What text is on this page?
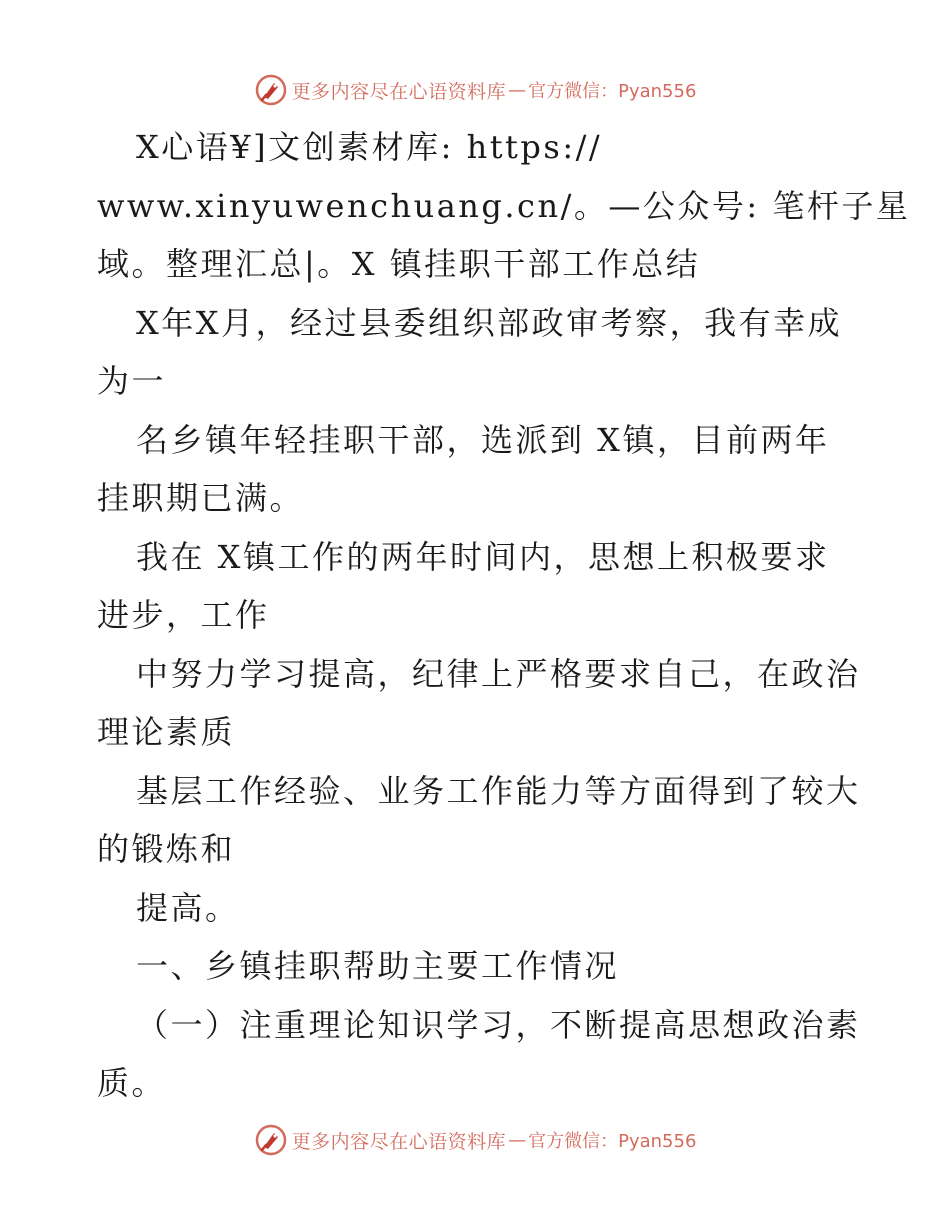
更多内容尽在心语资料库 — 官方微信：Pyan556
X心语¥]文创素材库: https://
www.xinyuwenchuang.cn/。—公众号: 笔杆子星
域。整理汇总|。X 镇挂职干部工作总结
X年X月，经过县委组织部政审考察，我有幸成
为一
名乡镇年轻挂职干部，选派到 X镇，目前两年
挂职期已满。
我在 X镇工作的两年时间内，思想上积极要求
进步，工作
中努力学习提高，纪律上严格要求自己，在政治
理论素质
基层工作经验、业务工作能力等方面得到了较大
的锻炼和
提高。
一、乡镇挂职帮助主要工作情况
（一）注重理论知识学习，不断提高思想政治素
质。
更多内容尽在心语资料库 — 官方微信：Pyan556
